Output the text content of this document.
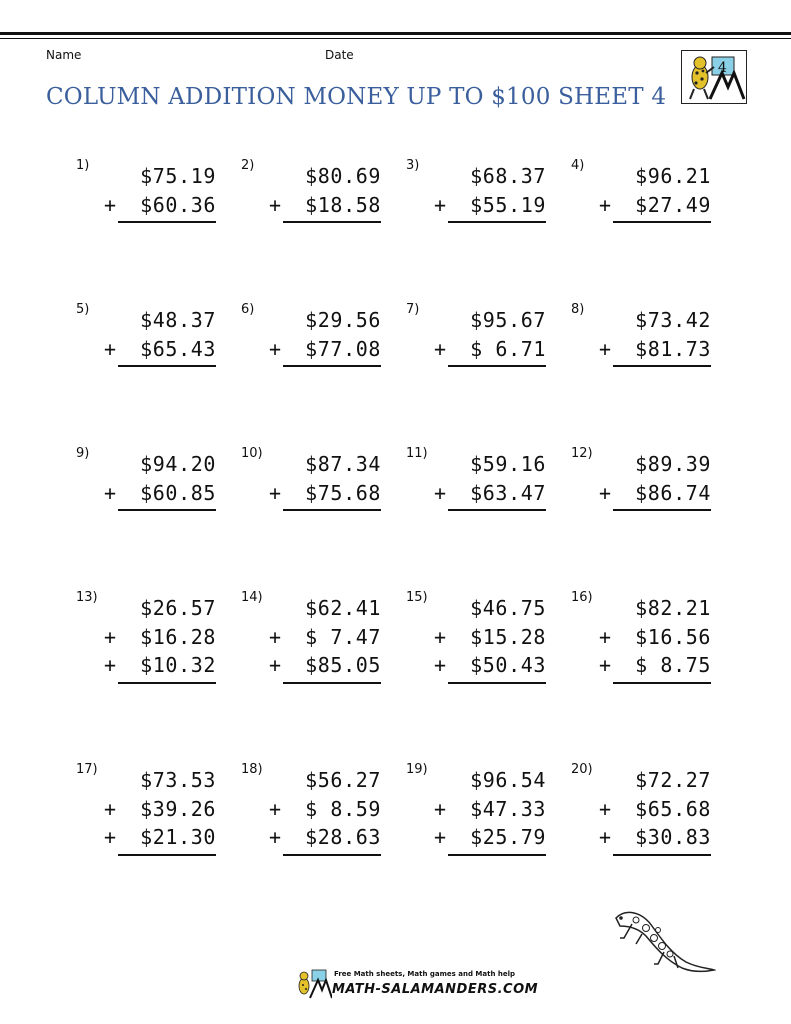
Name	Date
COLUMN ADDITION MONEY UP TO $100 SHEET 4
4
1)	$75.19
+ $60.36
2)	$80.69
+ $18.58
3)	$68.37
+ $55.19
4)	$96.21
+ $27.49
5)	$48.37
+ $65.43
6)	$29.56
+ $77.08
7)	$95.67
+ $ 6.71
8)	$73.42
+ $81.73
9)	$94.20
+ $60.85
10) $87.34
+ $75.68
11) $59.16
+ $63.47
12) $89.39
+ $86.74
13) $26.57
+ $16.28
+ $10.32
14) $62.41
+ $ 7.47
+ $85.05
15) $46.75
+ $15.28
+ $50.43
16) $82.21
+ $16.56
+ $ 8.75
17) $73.53
+ $39.26
+ $21.30
18) $56.27
+ $ 8.59
+ $28.63
19) $96.54
+ $47.33
+ $25.79
20) $72.27
+ $65.68
+ $30.83
Free Math sheets, Math games and Math help
MATH-SALAMANDERS.COM
